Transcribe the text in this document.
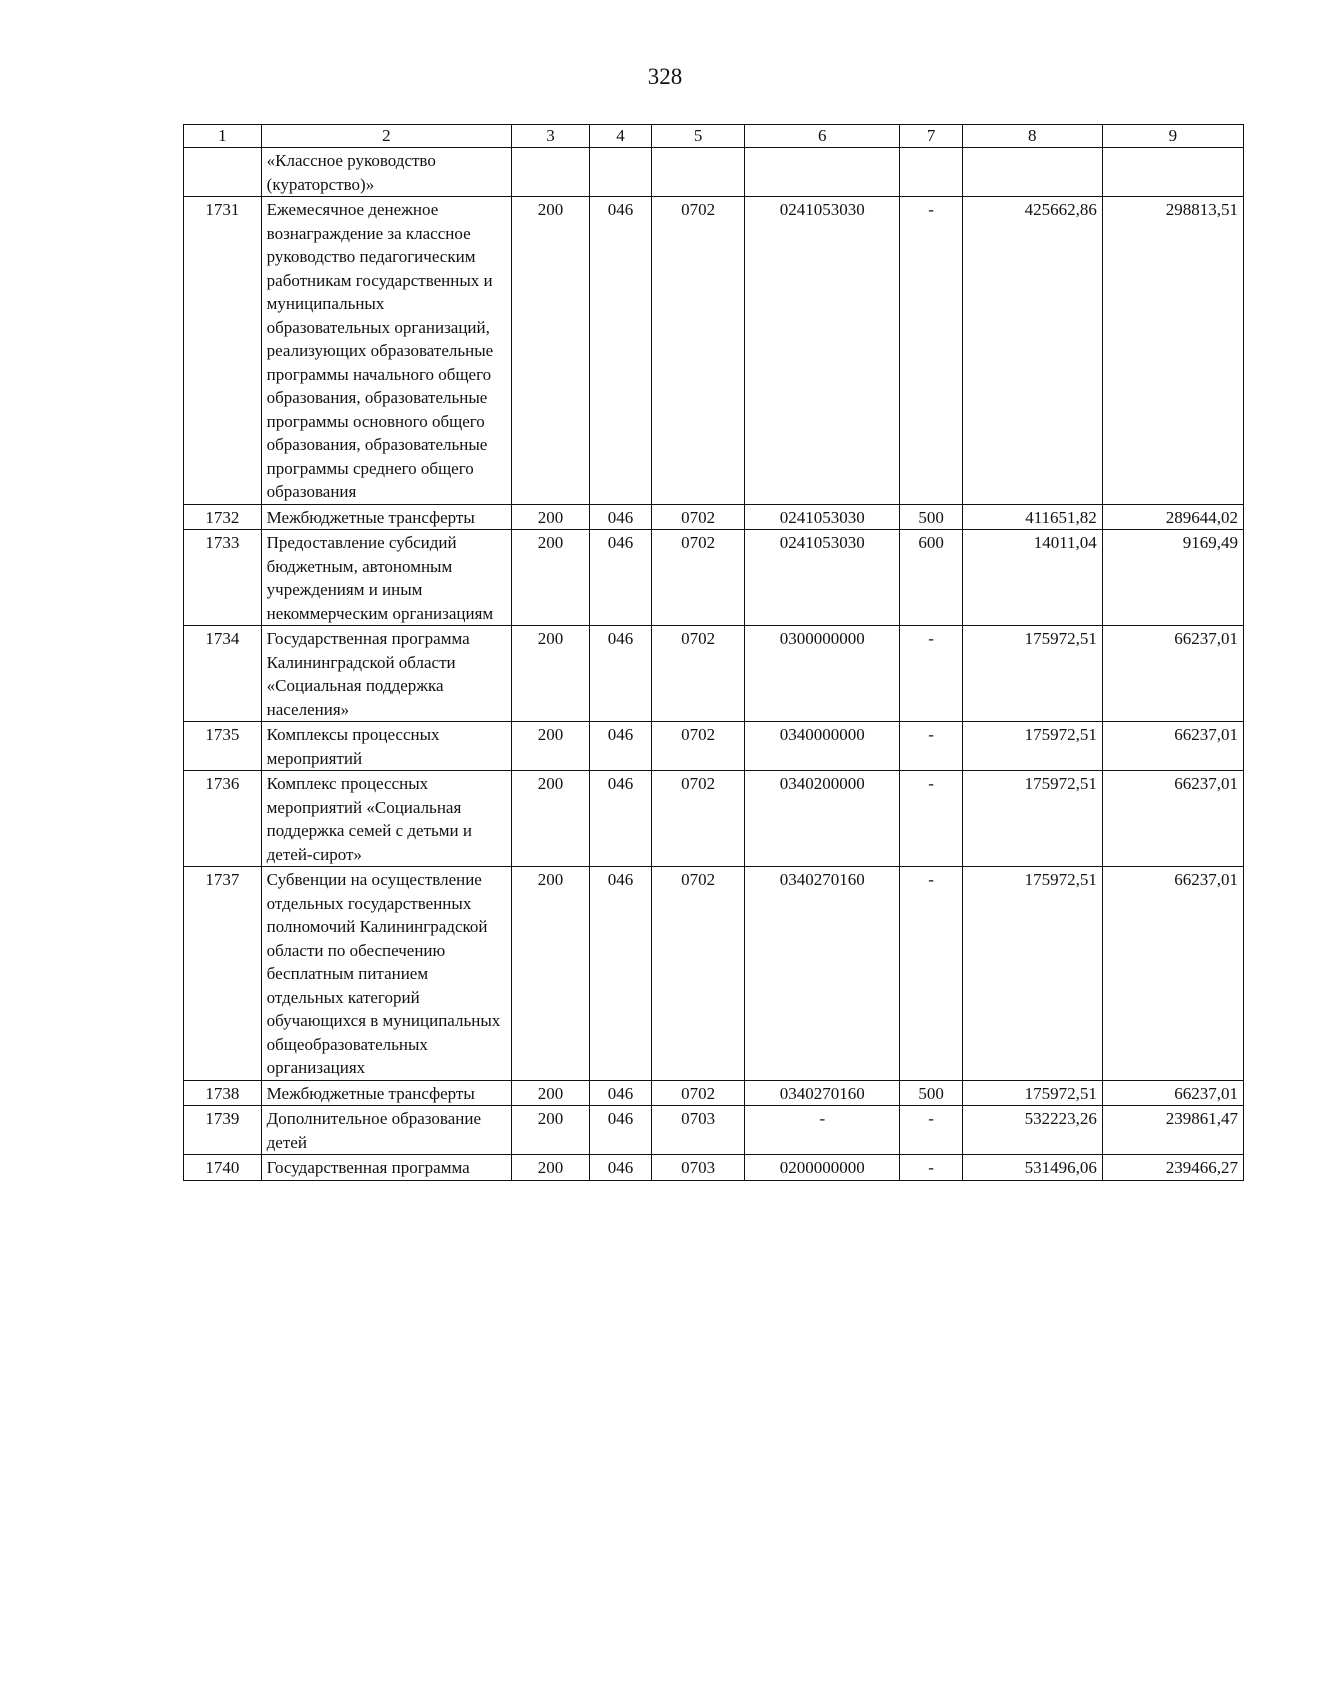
328
1	2	3	4	5	6	7	8	9
	«Классное руководство (кураторство)»							
1731	Ежемесячное денежное вознаграждение за классное руководство педагогическим работникам государственных и муниципальных образовательных организаций, реализующих образовательные программы начального общего образования, образовательные программы основного общего образования, образовательные программы среднего общего образования	200	046	0702	0241053030	-	425662,86	298813,51
1732	Межбюджетные трансферты	200	046	0702	0241053030	500	411651,82	289644,02
1733	Предоставление субсидий бюджетным, автономным учреждениям и иным некоммерческим организациям	200	046	0702	0241053030	600	14011,04	9169,49
1734	Государственная программа Калининградской области «Социальная поддержка населения»	200	046	0702	0300000000	-	175972,51	66237,01
1735	Комплексы процессных мероприятий	200	046	0702	0340000000	-	175972,51	66237,01
1736	Комплекс процессных мероприятий «Социальная поддержка семей с детьми и детей-сирот»	200	046	0702	0340200000	-	175972,51	66237,01
1737	Субвенции на осуществление отдельных государственных полномочий Калининградской области по обеспечению бесплатным питанием отдельных категорий обучающихся в муниципальных общеобразовательных организациях	200	046	0702	0340270160	-	175972,51	66237,01
1738	Межбюджетные трансферты	200	046	0702	0340270160	500	175972,51	66237,01
1739	Дополнительное образование детей	200	046	0703	-	-	532223,26	239861,47
1740	Государственная программа	200	046	0703	0200000000	-	531496,06	239466,27
